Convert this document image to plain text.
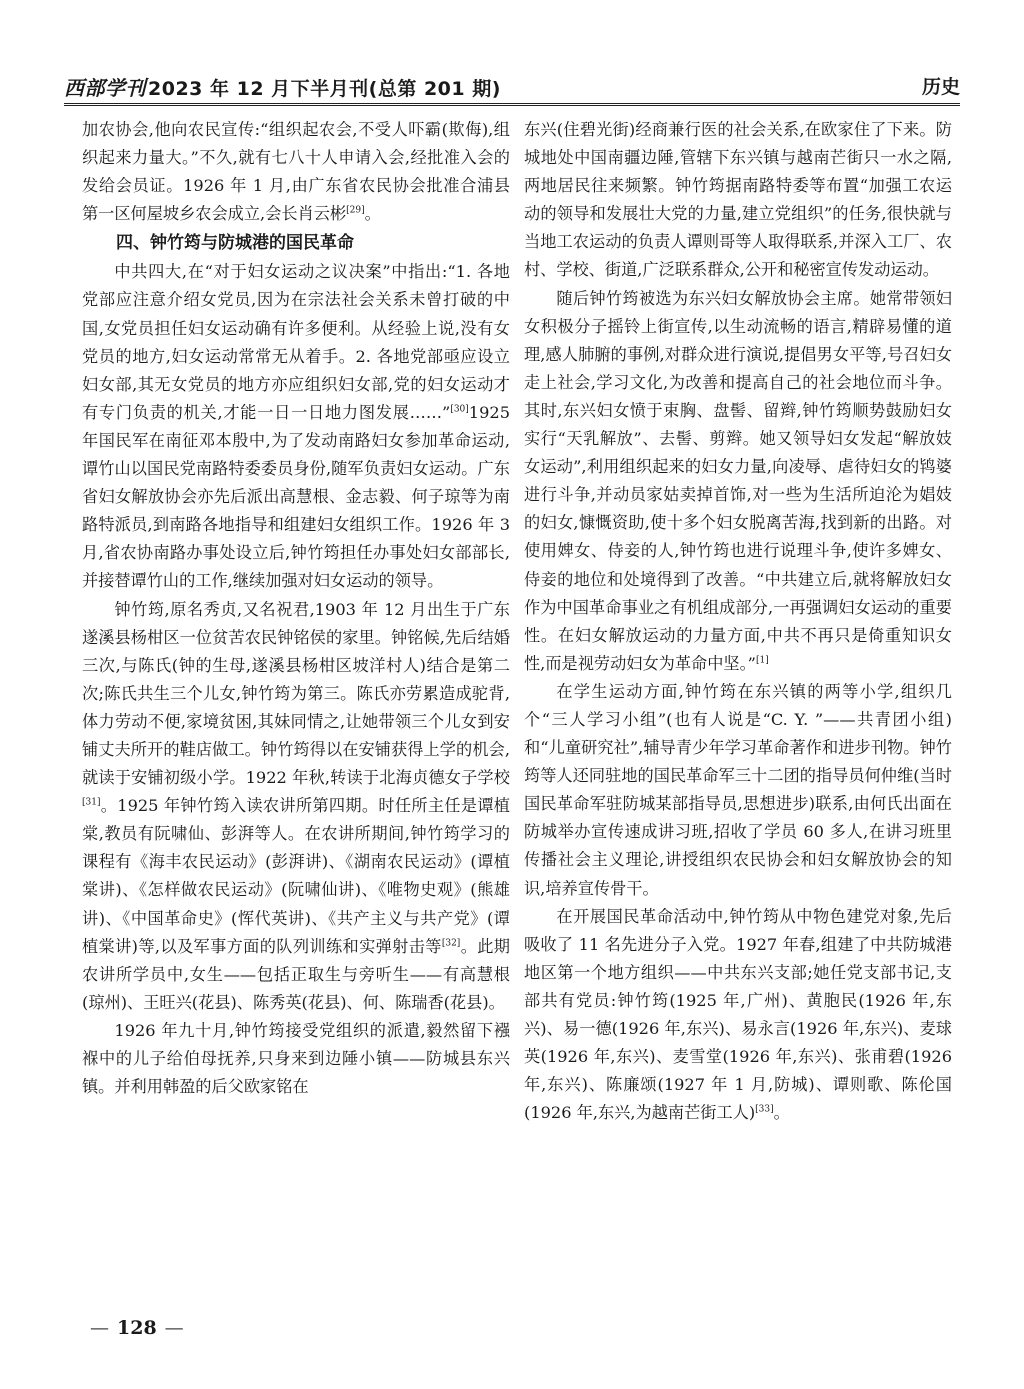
西部学刊 2023 年 12 月下半月刊(总第 201 期)	历史

加农协会,他向农民宣传:“组织起农会,不受人吓霸(欺侮),组织起来力量大。”不久,就有七八十人申请入会,经批准入会的发给会员证。1926 年 1 月,由广东省农民协会批准合浦县第一区何屋坡乡农会成立,会长肖云彬[29]。

四、钟竹筠与防城港的国民革命

中共四大,在“对于妇女运动之议决案”中指出:“1. 各地党部应注意介绍女党员,因为在宗法社会关系未曾打破的中国,女党员担任妇女运动确有许多便利。从经验上说,没有女党员的地方,妇女运动常常无从着手。2. 各地党部亟应设立妇女部,其无女党员的地方亦应组织妇女部,党的妇女运动才有专门负责的机关,才能一日一日地力图发展……”[30]1925 年国民军在南征邓本殷中,为了发动南路妇女参加革命运动,谭竹山以国民党南路特委委员身份,随军负责妇女运动。广东省妇女解放协会亦先后派出高慧根、金志毅、何子琼等为南路特派员,到南路各地指导和组建妇女组织工作。1926 年 3 月,省农协南路办事处设立后,钟竹筠担任办事处妇女部部长,并接替谭竹山的工作,继续加强对妇女运动的领导。

钟竹筠,原名秀贞,又名祝君,1903 年 12 月出生于广东遂溪县杨柑区一位贫苦农民钟铭侯的家里。钟铭候,先后结婚三次,与陈氏(钟的生母,遂溪县杨柑区坡洋村人)结合是第二次;陈氏共生三个儿女,钟竹筠为第三。陈氏亦劳累造成驼背,体力劳动不便,家境贫困,其妹同情之,让她带领三个儿女到安铺丈夫所开的鞋店做工。钟竹筠得以在安铺获得上学的机会,就读于安铺初级小学。1922 年秋,转读于北海贞德女子学校[31]。1925 年钟竹筠入读农讲所第四期。时任所主任是谭植棠,教员有阮啸仙、彭湃等人。在农讲所期间,钟竹筠学习的课程有《海丰农民运动》(彭湃讲)、《湖南农民运动》(谭植棠讲)、《怎样做农民运动》(阮啸仙讲)、《唯物史观》(熊雄讲)、《中国革命史》(恽代英讲)、《共产主义与共产党》(谭植棠讲)等,以及军事方面的队列训练和实弹射击等[32]。此期农讲所学员中,女生——包括正取生与旁听生——有高慧根(琼州)、王旺兴(花县)、陈秀英(花县)、何、陈瑞香(花县)。

1926 年九十月,钟竹筠接受党组织的派遣,毅然留下襁褓中的儿子给伯母抚养,只身来到边陲小镇——防城县东兴镇。并利用韩盈的后父欧家铭在

东兴(住碧光街)经商兼行医的社会关系,在欧家住了下来。防城地处中国南疆边陲,管辖下东兴镇与越南芒街只一水之隔,两地居民往来频繁。钟竹筠据南路特委等布置“加强工农运动的领导和发展壮大党的力量,建立党组织”的任务,很快就与当地工农运动的负责人谭则哥等人取得联系,并深入工厂、农村、学校、街道,广泛联系群众,公开和秘密宣传发动运动。

随后钟竹筠被选为东兴妇女解放协会主席。她常带领妇女积极分子摇铃上街宣传,以生动流畅的语言,精辟易懂的道理,感人肺腑的事例,对群众进行演说,提倡男女平等,号召妇女走上社会,学习文化,为改善和提高自己的社会地位而斗争。其时,东兴妇女愤于束胸、盘髻、留辫,钟竹筠顺势鼓励妇女实行“天乳解放”、去髻、剪辫。她又领导妇女发起“解放妓女运动”,利用组织起来的妇女力量,向凌辱、虐待妇女的鸨婆进行斗争,并动员家姑卖掉首饰,对一些为生活所迫沦为娼妓的妇女,慷慨资助,使十多个妇女脱离苦海,找到新的出路。对使用婢女、侍妾的人,钟竹筠也进行说理斗争,使许多婢女、侍妾的地位和处境得到了改善。“中共建立后,就将解放妇女作为中国革命事业之有机组成部分,一再强调妇女运动的重要性。在妇女解放运动的力量方面,中共不再只是倚重知识女性,而是视劳动妇女为革命中坚。”[1]

在学生运动方面,钟竹筠在东兴镇的两等小学,组织几个“三人学习小组”(也有人说是“C. Y. ”——共青团小组)和“儿童研究社”,辅导青少年学习革命著作和进步刊物。钟竹筠等人还同驻地的国民革命军三十二团的指导员何仲维(当时国民革命军驻防城某部指导员,思想进步)联系,由何氏出面在防城举办宣传速成讲习班,招收了学员 60 多人,在讲习班里传播社会主义理论,讲授组织农民协会和妇女解放协会的知识,培养宣传骨干。

在开展国民革命活动中,钟竹筠从中物色建党对象,先后吸收了 11 名先进分子入党。1927 年春,组建了中共防城港地区第一个地方组织——中共东兴支部;她任党支部书记,支部共有党员:钟竹筠(1925 年,广州)、黄胞民(1926 年,东兴)、易一德(1926 年,东兴)、易永言(1926 年,东兴)、麦球英(1926 年,东兴)、麦雪堂(1926 年,东兴)、张甫碧(1926 年,东兴)、陈廉颂(1927 年 1 月,防城)、谭则歌、陈伦国(1926 年,东兴,为越南芒街工人)[33]。

— 128 —
